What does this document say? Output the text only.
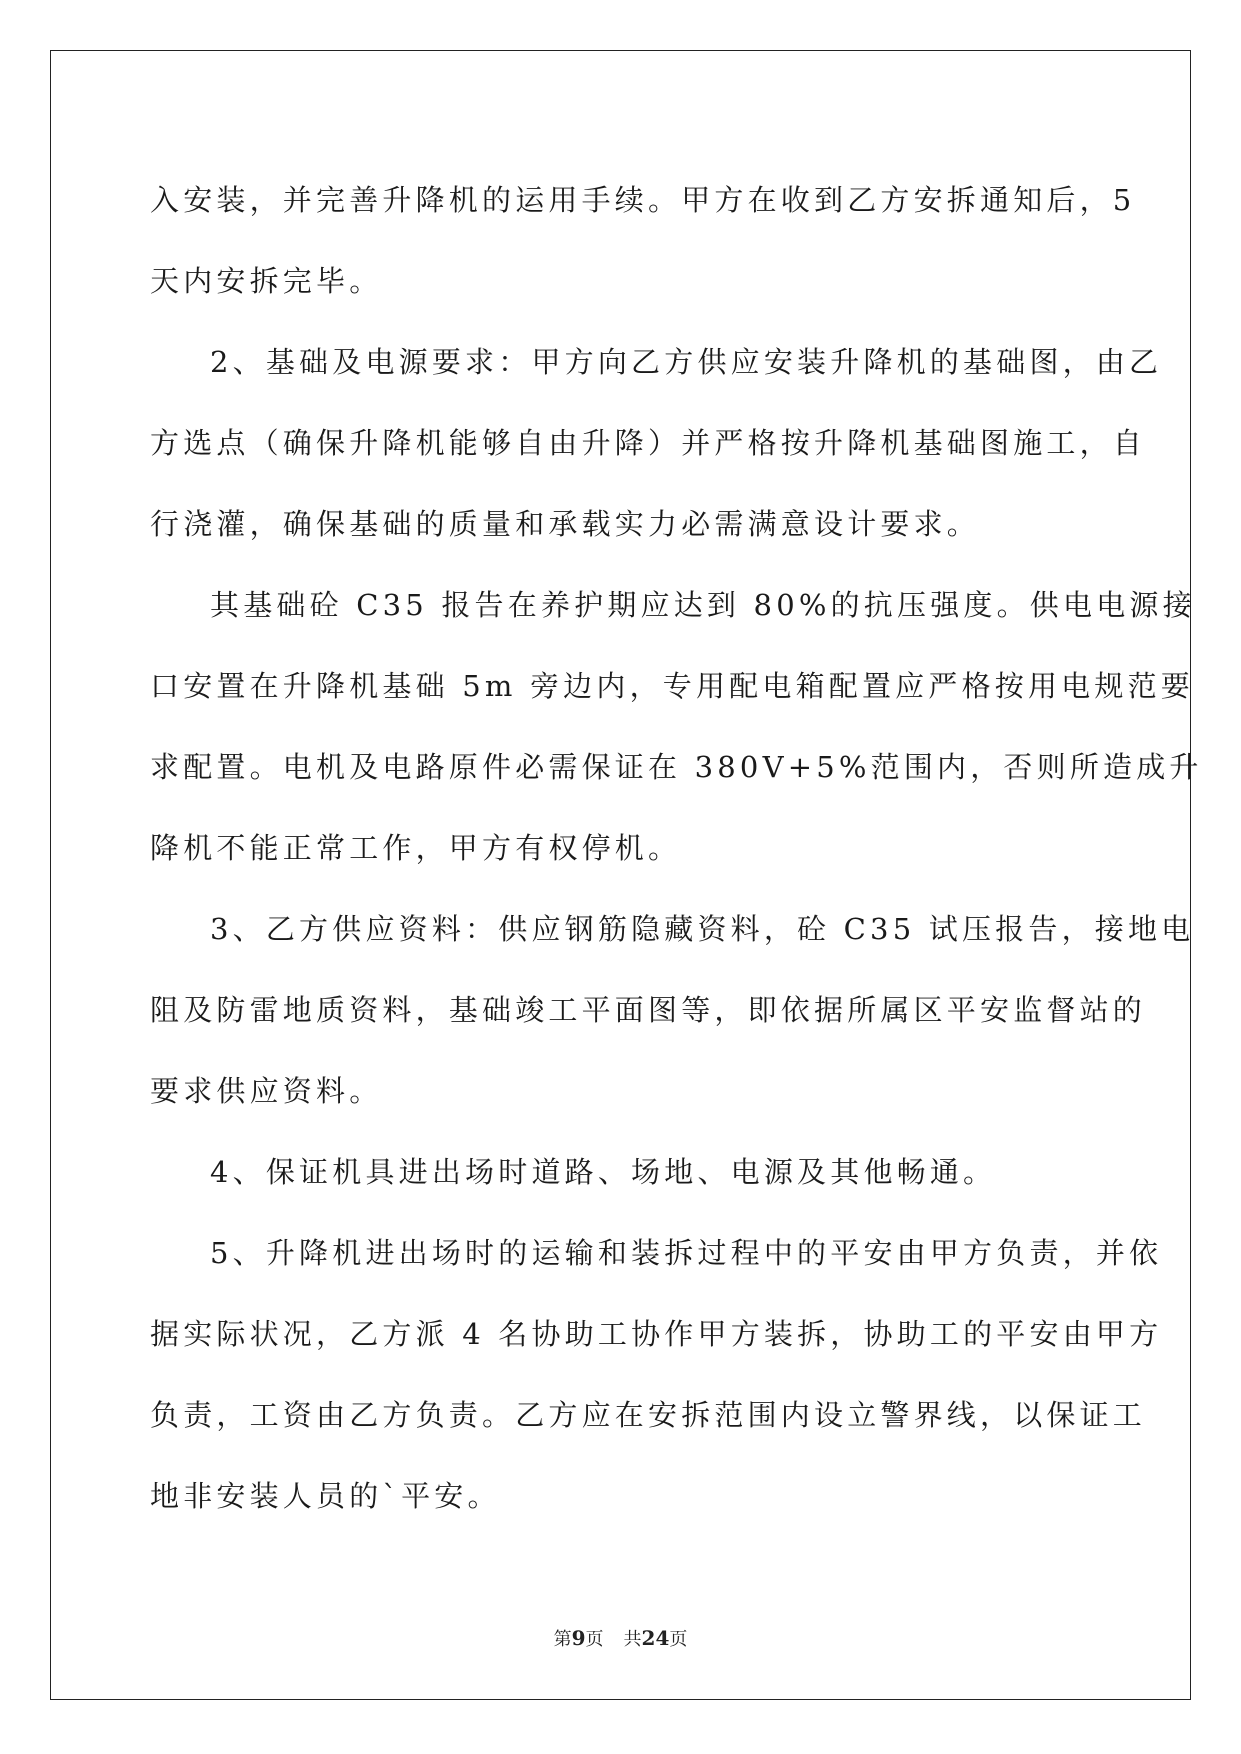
入安装，并完善升降机的运用手续。甲方在收到乙方安拆通知后，5
天内安拆完毕。
2、基础及电源要求：甲方向乙方供应安装升降机的基础图，由乙
方选点（确保升降机能够自由升降）并严格按升降机基础图施工，自
行浇灌，确保基础的质量和承载实力必需满意设计要求。
其基础砼 C35 报告在养护期应达到 80%的抗压强度。供电电源接
口安置在升降机基础 5m 旁边内，专用配电箱配置应严格按用电规范要
求配置。电机及电路原件必需保证在 380V+5%范围内，否则所造成升
降机不能正常工作，甲方有权停机。
3、乙方供应资料：供应钢筋隐藏资料，砼 C35 试压报告，接地电
阻及防雷地质资料，基础竣工平面图等，即依据所属区平安监督站的
要求供应资料。
4、保证机具进出场时道路、场地、电源及其他畅通。
5、升降机进出场时的运输和装拆过程中的平安由甲方负责，并依
据实际状况，乙方派 4 名协助工协作甲方装拆，协助工的平安由甲方
负责，工资由乙方负责。乙方应在安拆范围内设立警界线，以保证工
地非安装人员的`平安。
第9页 共24页
